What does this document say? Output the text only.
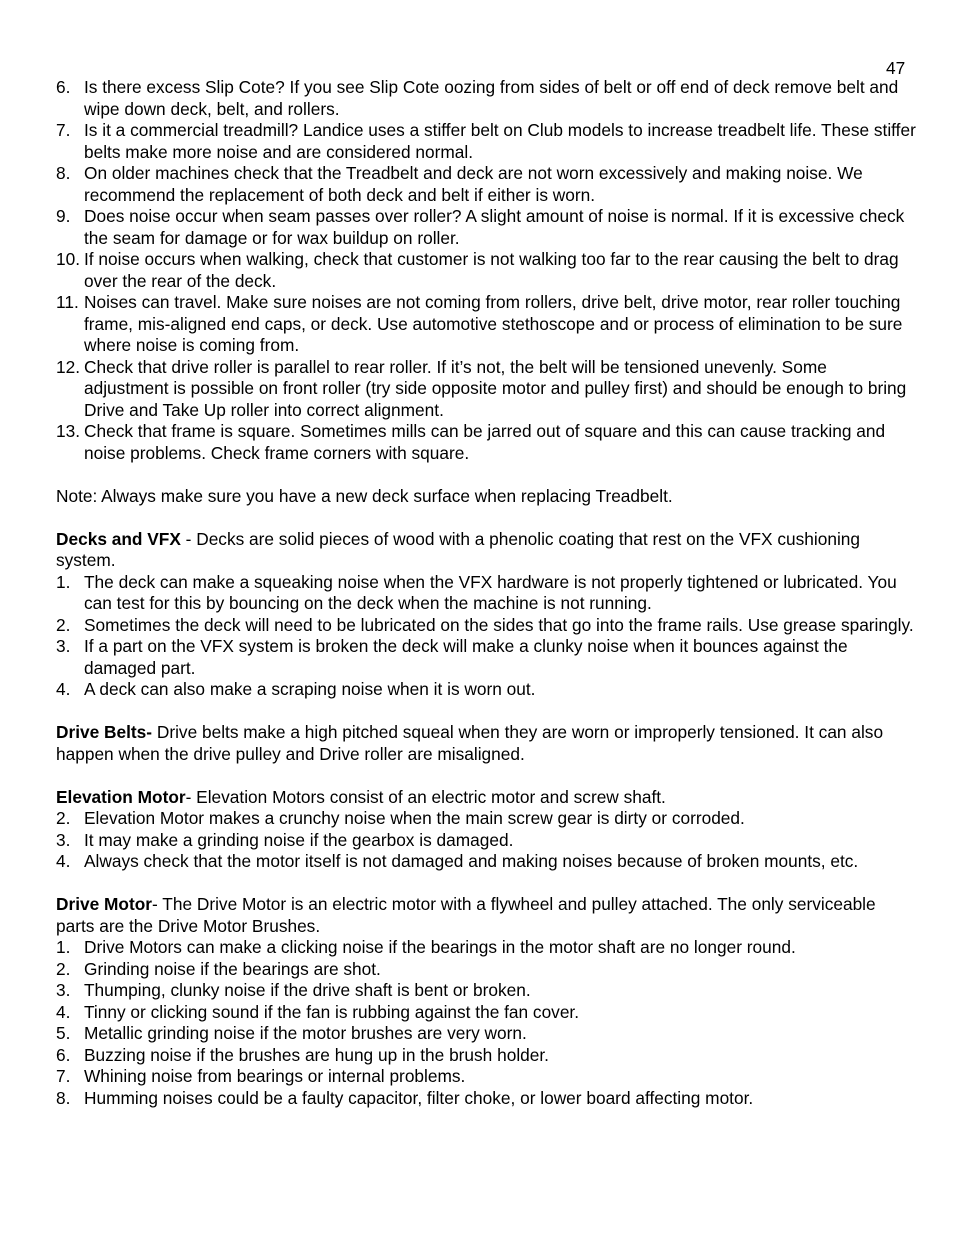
47
6. Is there excess Slip Cote? If you see Slip Cote oozing from sides of belt or off end of deck remove belt and wipe down deck, belt, and rollers.
7. Is it a commercial treadmill? Landice uses a stiffer belt on Club models to increase treadbelt life. These stiffer belts make more noise and are considered normal.
8. On older machines check that the Treadbelt and deck are not worn excessively and making noise. We recommend the replacement of both deck and belt if either is worn.
9. Does noise occur when seam passes over roller? A slight amount of noise is normal. If it is excessive check the seam for damage or for wax buildup on roller.
10. If noise occurs when walking, check that customer is not walking too far to the rear causing the belt to drag over the rear of the deck.
11. Noises can travel. Make sure noises are not coming from rollers, drive belt, drive motor, rear roller touching frame, mis-aligned end caps, or deck. Use automotive stethoscope and or process of elimination to be sure where noise is coming from.
12. Check that drive roller is parallel to rear roller. If it’s not, the belt will be tensioned unevenly. Some adjustment is possible on front roller (try side opposite motor and pulley first) and should be enough to bring Drive and Take Up roller into correct alignment.
13. Check that frame is square. Sometimes mills can be jarred out of square and this can cause tracking and noise problems. Check frame corners with square.

Note: Always make sure you have a new deck surface when replacing Treadbelt.

Decks and VFX - Decks are solid pieces of wood with a phenolic coating that rest on the VFX cushioning system.

1. The deck can make a squeaking noise when the VFX hardware is not properly tightened or lubricated. You can test for this by bouncing on the deck when the machine is not running.
2. Sometimes the deck will need to be lubricated on the sides that go into the frame rails. Use grease sparingly.
3. If a part on the VFX system is broken the deck will make a clunky noise when it bounces against the damaged part.
4. A deck can also make a scraping noise when it is worn out.

Drive Belts- Drive belts make a high pitched squeal when they are worn or improperly tensioned. It can also happen when the drive pulley and Drive roller are misaligned.

Elevation Motor- Elevation Motors consist of an electric motor and screw shaft.

2. Elevation Motor makes a crunchy noise when the main screw gear is dirty or corroded.
3. It may make a grinding noise if the gearbox is damaged.
4. Always check that the motor itself is not damaged and making noises because of broken mounts, etc.

Drive Motor- The Drive Motor is an electric motor with a flywheel and pulley attached. The only serviceable parts are the Drive Motor Brushes.

1. Drive Motors can make a clicking noise if the bearings in the motor shaft are no longer round.
2. Grinding noise if the bearings are shot.
3. Thumping, clunky noise if the drive shaft is bent or broken.
4. Tinny or clicking sound if the fan is rubbing against the fan cover.
5. Metallic grinding noise if the motor brushes are very worn.
6. Buzzing noise if the brushes are hung up in the brush holder.
7. Whining noise from bearings or internal problems.
8. Humming noises could be a faulty capacitor, filter choke, or lower board affecting motor.
